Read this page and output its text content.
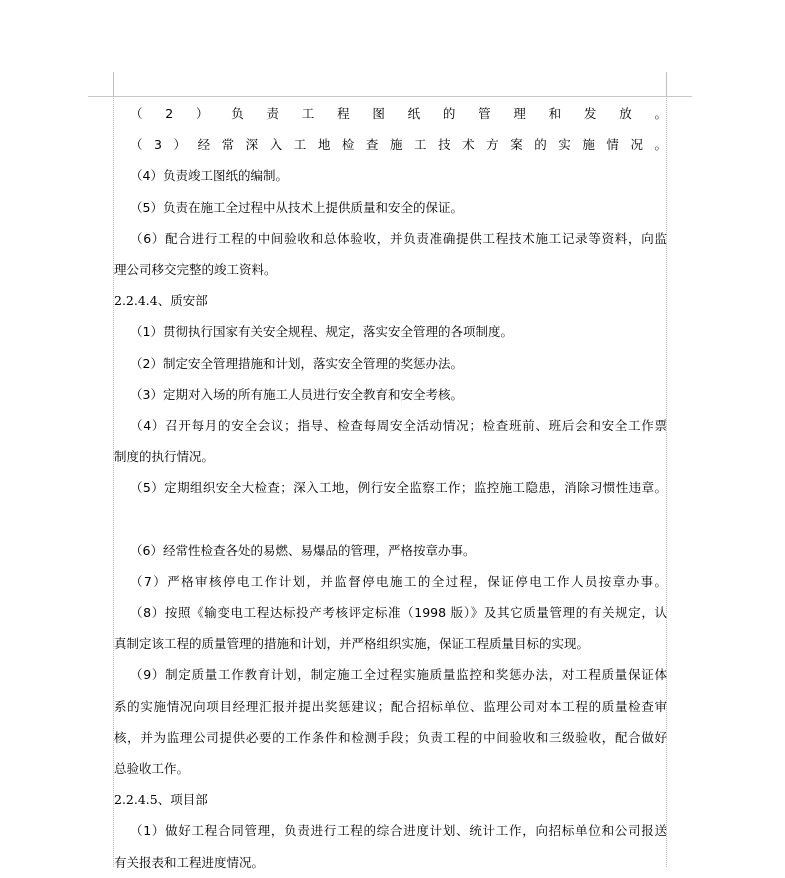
（2）负责工程图纸的管理和发放。
（3）经常深入工地检查施工技术方案的实施情况。
（4）负责竣工图纸的编制。
（5）负责在施工全过程中从技术上提供质量和安全的保证。
（6）配合进行工程的中间验收和总体验收，并负责准确提供工程技术施工记录等资料，向监
理公司移交完整的竣工资料。
2.2.4.4、质安部
（1）贯彻执行国家有关安全规程、规定，落实安全管理的各项制度。
（2）制定安全管理措施和计划，落实安全管理的奖惩办法。
（3）定期对入场的所有施工人员进行安全教育和安全考核。
（4）召开每月的安全会议；指导、检查每周安全活动情况；检查班前、班后会和安全工作票
制度的执行情况。
（5）定期组织安全大检查；深入工地，例行安全监察工作；监控施工隐患，消除习惯性违章。
（6）经常性检查各处的易燃、易爆品的管理，严格按章办事。
（7）严格审核停电工作计划，并监督停电施工的全过程，保证停电工作人员按章办事。
（8）按照《输变电工程达标投产考核评定标准（1998 版）》及其它质量管理的有关规定，认
真制定该工程的质量管理的措施和计划，并严格组织实施，保证工程质量目标的实现。
（9）制定质量工作教育计划，制定施工全过程实施质量监控和奖惩办法，对工程质量保证体
系的实施情况向项目经理汇报并提出奖惩建议；配合招标单位、监理公司对本工程的质量检查审
核，并为监理公司提供必要的工作条件和检测手段；负责工程的中间验收和三级验收，配合做好
总验收工作。
2.2.4.5、项目部
（1）做好工程合同管理，负责进行工程的综合进度计划、统计工作，向招标单位和公司报送
有关报表和工程进度情况。
